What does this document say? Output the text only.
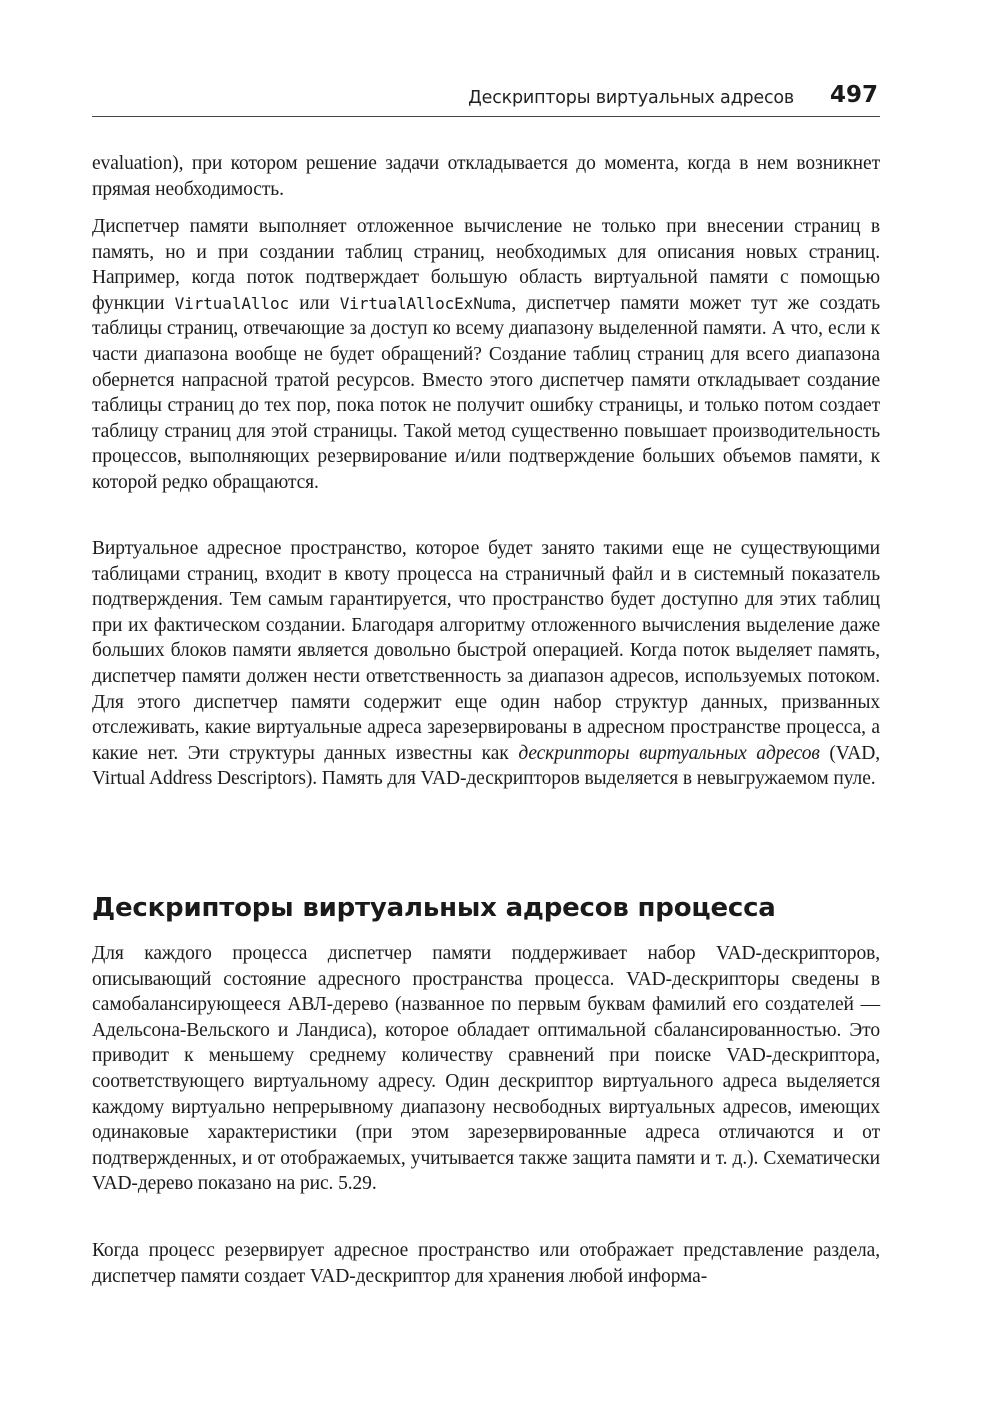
Дескрипторы виртуальных адресов 497

evaluation), при котором решение задачи откладывается до момента, когда в нем возникнет прямая необходимость.

Диспетчер памяти выполняет отложенное вычисление не только при внесении страниц в память, но и при создании таблиц страниц, необходимых для описания новых страниц. Например, когда поток подтверждает большую область виртуальной памяти с помощью функции VirtualAlloc или VirtualAllocExNuma, диспетчер памяти может тут же создать таблицы страниц, отвечающие за доступ ко всему диапазону выделенной памяти. А что, если к части диапазона вообще не будет обращений? Создание таблиц страниц для всего диапазона обернется напрасной тратой ресурсов. Вместо этого диспетчер памяти откладывает создание таблицы страниц до тех пор, пока поток не получит ошибку страницы, и только потом создает таблицу страниц для этой страницы. Такой метод существенно повышает производительность процессов, выполняющих резервирование и/или подтверждение больших объемов памяти, к которой редко обращаются.

Виртуальное адресное пространство, которое будет занято такими еще не существующими таблицами страниц, входит в квоту процесса на страничный файл и в системный показатель подтверждения. Тем самым гарантируется, что пространство будет доступно для этих таблиц при их фактическом создании. Благодаря алгоритму отложенного вычисления выделение даже больших блоков памяти является довольно быстрой операцией. Когда поток выделяет память, диспетчер памяти должен нести ответственность за диапазон адресов, используемых потоком. Для этого диспетчер памяти содержит еще один набор структур данных, призванных отслеживать, какие виртуальные адреса зарезервированы в адресном пространстве процесса, а какие нет. Эти структуры данных известны как дескрипторы виртуальных адресов (VAD, Virtual Address Descriptors). Память для VAD-дескрипторов выделяется в невыгружаемом пуле.

Дескрипторы виртуальных адресов процесса

Для каждого процесса диспетчер памяти поддерживает набор VAD-дескрипторов, описывающий состояние адресного пространства процесса. VAD-дескрипторы сведены в самобалансирующееся АВЛ-дерево (названное по первым буквам фамилий его создателей — Адельсона-Вельского и Ландиса), которое обладает оптимальной сбалансированностью. Это приводит к меньшему среднему количеству сравнений при поиске VAD-дескриптора, соответствующего виртуальному адресу. Один дескриптор виртуального адреса выделяется каждому виртуально непрерывному диапазону несвободных виртуальных адресов, имеющих одинаковые характеристики (при этом зарезервированные адреса отличаются и от подтвержденных, и от отображаемых, учитывается также защита памяти и т. д.). Схематически VAD-дерево показано на рис. 5.29.

Когда процесс резервирует адресное пространство или отображает представление раздела, диспетчер памяти создает VAD-дескриптор для хранения любой информа-
